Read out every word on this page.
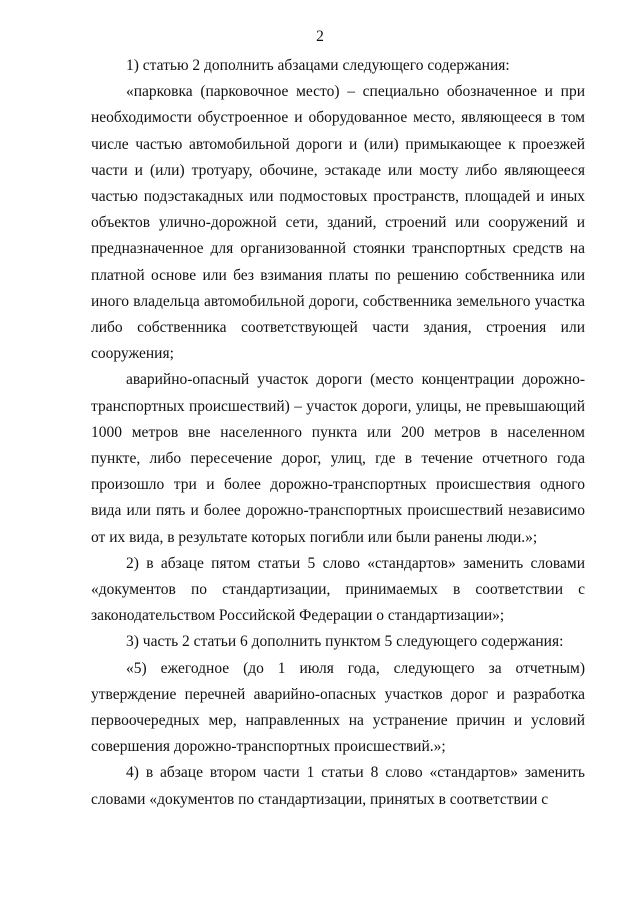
2

1) статью 2 дополнить абзацами следующего содержания:

«парковка (парковочное место) – специально обозначенное и при необходимости обустроенное и оборудованное место, являющееся в том числе частью автомобильной дороги и (или) примыкающее к проезжей части и (или) тротуару, обочине, эстакаде или мосту либо являющееся частью подэстакадных или подмостовых пространств, площадей и иных объектов улично-дорожной сети, зданий, строений или сооружений и предназначенное для организованной стоянки транспортных средств на платной основе или без взимания платы по решению собственника или иного владельца автомобильной дороги, собственника земельного участка либо собственника соответствующей части здания, строения или сооружения;

аварийно-опасный участок дороги (место концентрации дорожно-транспортных происшествий) – участок дороги, улицы, не превышающий 1000 метров вне населенного пункта или 200 метров в населенном пункте, либо пересечение дорог, улиц, где в течение отчетного года произошло три и более дорожно-транспортных происшествия одного вида или пять и более дорожно-транспортных происшествий независимо от их вида, в результате которых погибли или были ранены люди.»;

2) в абзаце пятом статьи 5 слово «стандартов» заменить словами «документов по стандартизации, принимаемых в соответствии с законодательством Российской Федерации о стандартизации»;

3) часть 2 статьи 6 дополнить пунктом 5 следующего содержания:

«5) ежегодное (до 1 июля года, следующего за отчетным) утверждение перечней аварийно-опасных участков дорог и разработка первоочередных мер, направленных на устранение причин и условий совершения дорожно-транспортных происшествий.»;

4) в абзаце втором части 1 статьи 8 слово «стандартов» заменить словами «документов по стандартизации, принятых в соответствии с
